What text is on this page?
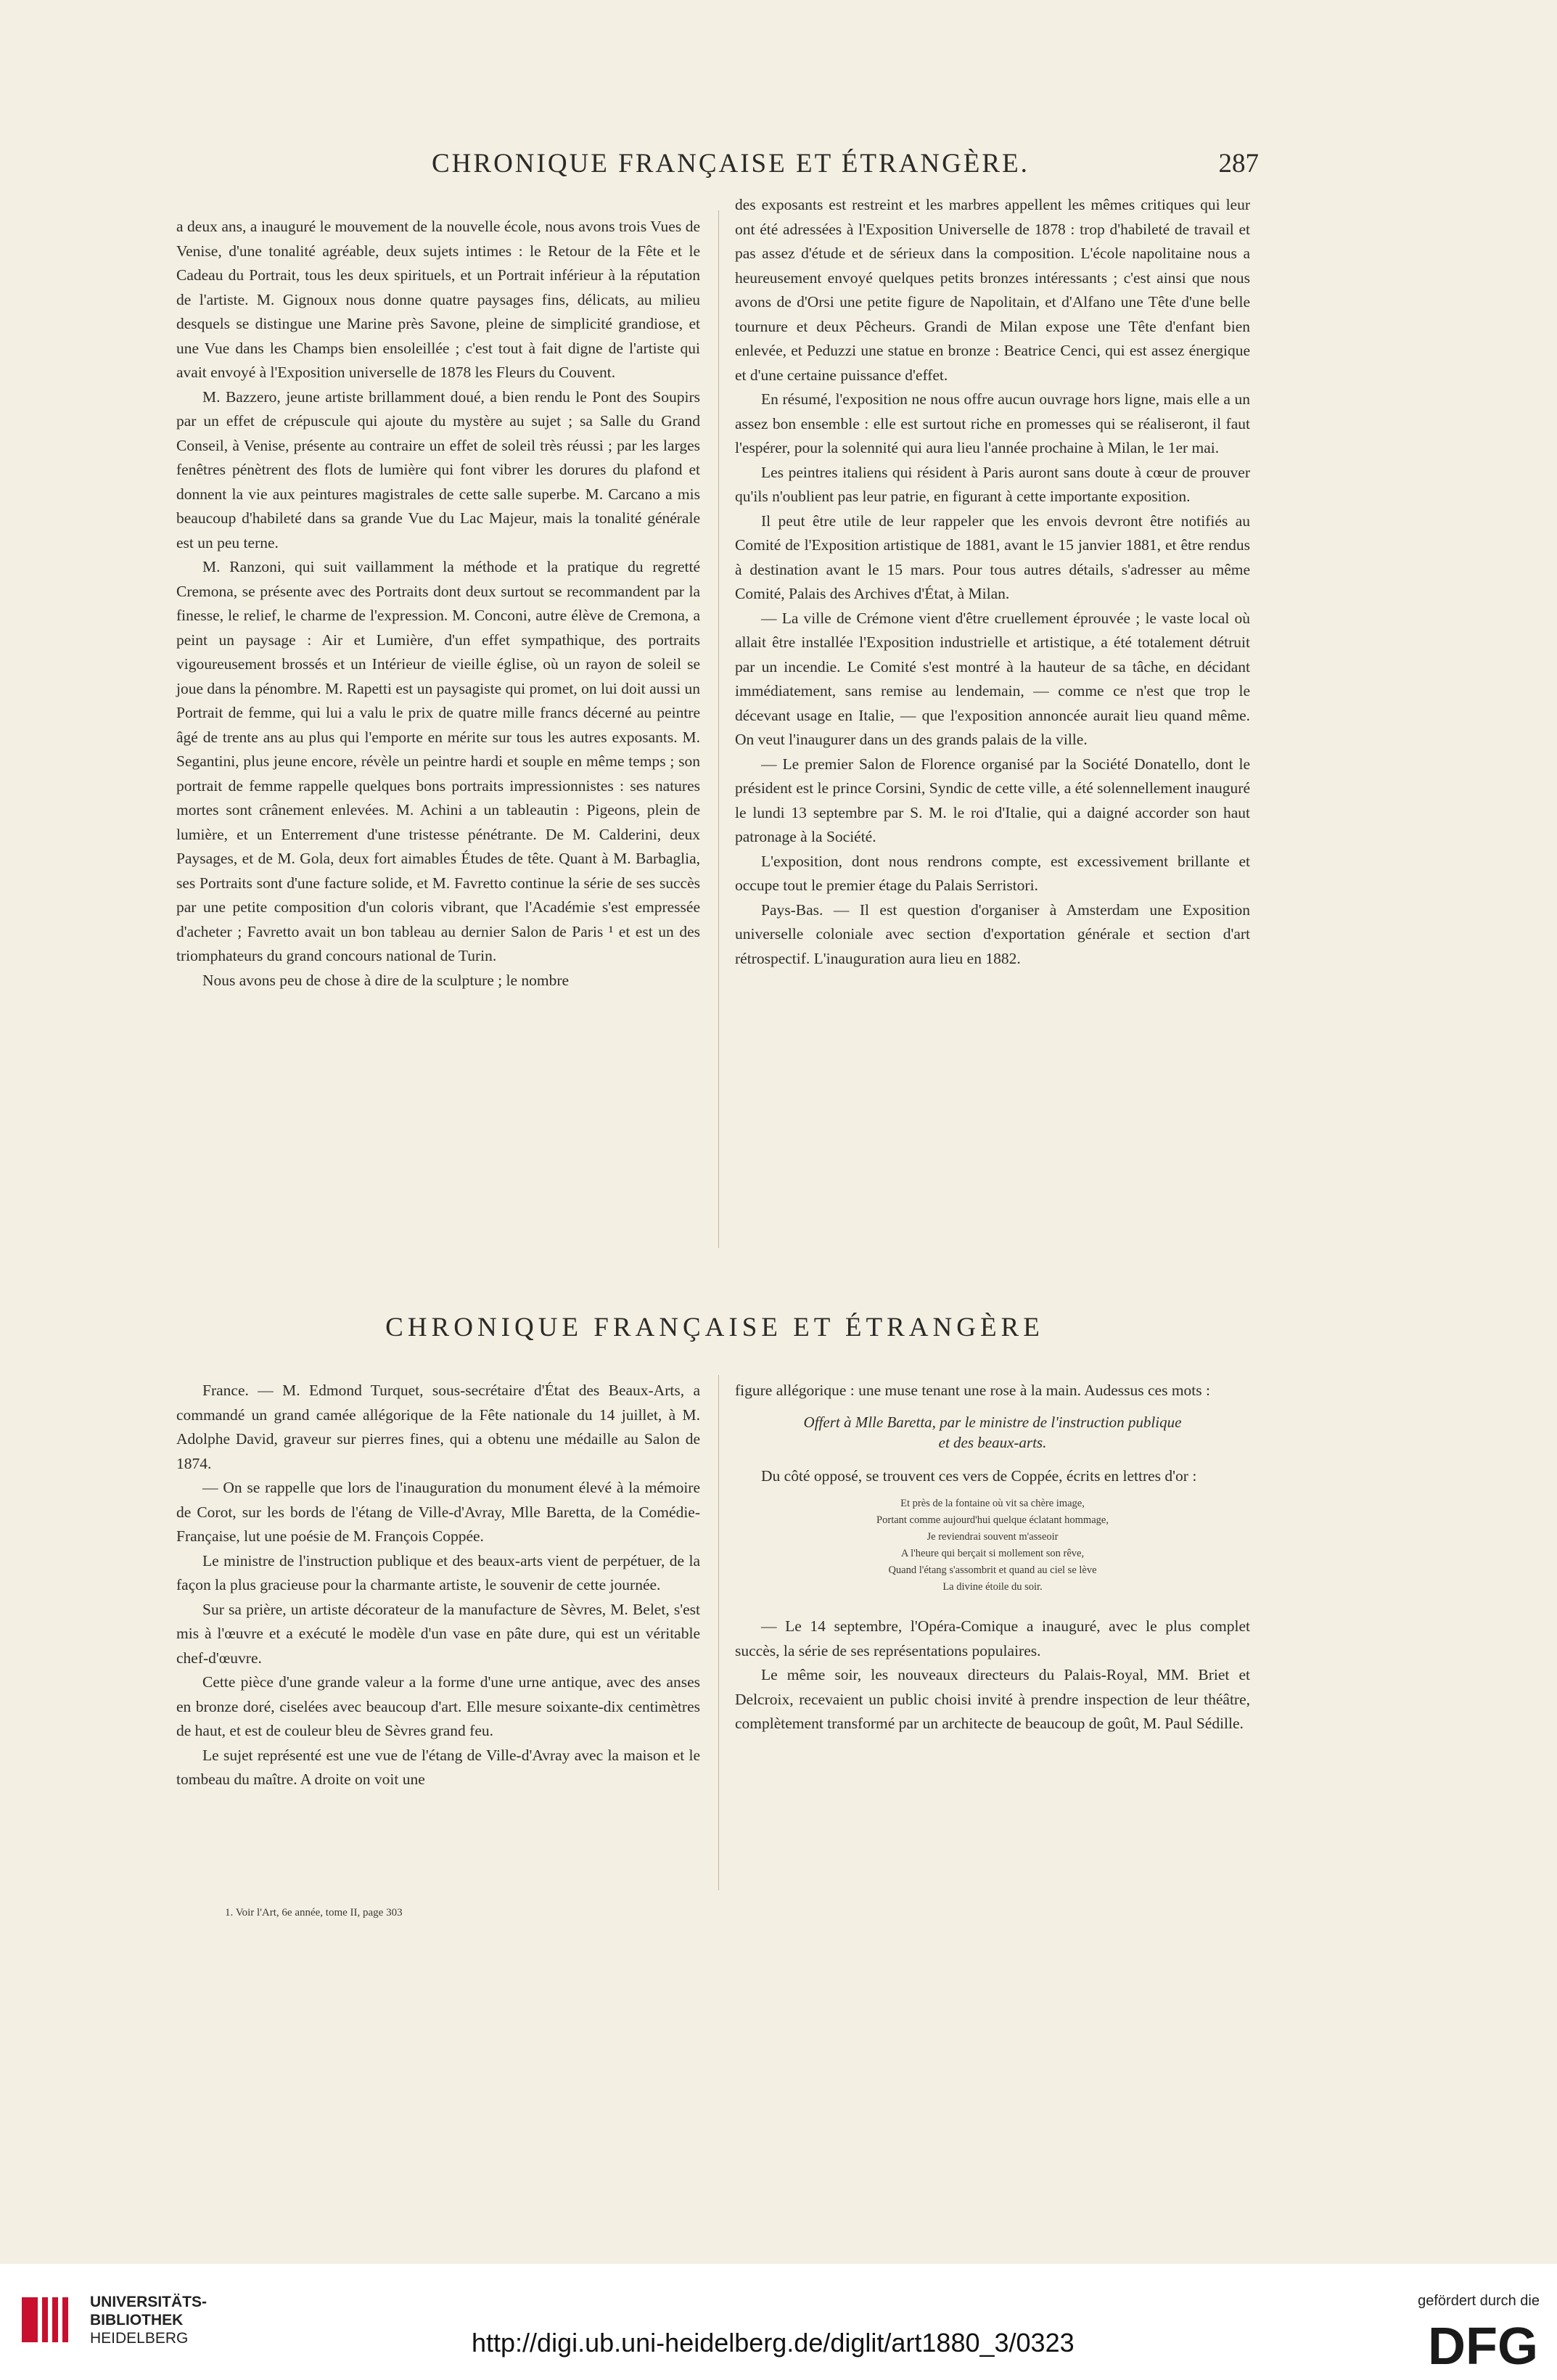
CHRONIQUE FRANÇAISE ET ÉTRANGÈRE.	287

a deux ans, a inauguré le mouvement de la nouvelle école, nous avons trois Vues de Venise, d'une tonalité agréable, deux sujets intimes : le Retour de la Fête et le Cadeau du Portrait, tous les deux spirituels, et un Portrait inférieur à la réputation de l'artiste. M. Gignoux nous donne quatre paysages fins, délicats, au milieu desquels se distingue une Marine près Savone, pleine de simplicité grandiose, et une Vue dans les Champs bien ensoleillée ; c'est tout à fait digne de l'artiste qui avait envoyé à l'Exposition universelle de 1878 les Fleurs du Couvent.

M. Bazzero, jeune artiste brillamment doué, a bien rendu le Pont des Soupirs par un effet de crépuscule qui ajoute du mystère au sujet ; sa Salle du Grand Conseil, à Venise, présente au contraire un effet de soleil très réussi ; par les larges fenêtres pénètrent des flots de lumière qui font vibrer les dorures du plafond et donnent la vie aux peintures magistrales de cette salle superbe. M. Carcano a mis beaucoup d'habileté dans sa grande Vue du Lac Majeur, mais la tonalité générale est un peu terne.

M. Ranzoni, qui suit vaillamment la méthode et la pratique du regretté Cremona, se présente avec des Portraits dont deux surtout se recommandent par la finesse, le relief, le charme de l'expression. M. Conconi, autre élève de Cremona, a peint un paysage : Air et Lumière, d'un effet sympathique, des portraits vigoureusement brossés et un Intérieur de vieille église, où un rayon de soleil se joue dans la pénombre. M. Rapetti est un paysagiste qui promet, on lui doit aussi un Portrait de femme, qui lui a valu le prix de quatre mille francs décerné au peintre âgé de trente ans au plus qui l'emporte en mérite sur tous les autres exposants. M. Segantini, plus jeune encore, révèle un peintre hardi et souple en même temps ; son portrait de femme rappelle quelques bons portraits impressionnistes : ses natures mortes sont crânement enlevées. M. Achini a un tableautin : Pigeons, plein de lumière, et un Enterrement d'une tristesse pénétrante. De M. Calderini, deux Paysages, et de M. Gola, deux fort aimables Études de tête. Quant à M. Barbaglia, ses Portraits sont d'une facture solide, et M. Favretto continue la série de ses succès par une petite composition d'un coloris vibrant, que l'Académie s'est empressée d'acheter ; Favretto avait un bon tableau au dernier Salon de Paris ¹ et est un des triomphateurs du grand concours national de Turin.

Nous avons peu de chose à dire de la sculpture ; le nombre

des exposants est restreint et les marbres appellent les mêmes critiques qui leur ont été adressées à l'Exposition Universelle de 1878 : trop d'habileté de travail et pas assez d'étude et de sérieux dans la composition. L'école napolitaine nous a heureusement envoyé quelques petits bronzes intéressants ; c'est ainsi que nous avons de d'Orsi une petite figure de Napolitain, et d'Alfano une Tête d'une belle tournure et deux Pêcheurs. Grandi de Milan expose une Tête d'enfant bien enlevée, et Peduzzi une statue en bronze : Beatrice Cenci, qui est assez énergique et d'une certaine puissance d'effet.

En résumé, l'exposition ne nous offre aucun ouvrage hors ligne, mais elle a un assez bon ensemble : elle est surtout riche en promesses qui se réaliseront, il faut l'espérer, pour la solennité qui aura lieu l'année prochaine à Milan, le 1er mai.

Les peintres italiens qui résident à Paris auront sans doute à cœur de prouver qu'ils n'oublient pas leur patrie, en figurant à cette importante exposition.

Il peut être utile de leur rappeler que les envois devront être notifiés au Comité de l'Exposition artistique de 1881, avant le 15 janvier 1881, et être rendus à destination avant le 15 mars. Pour tous autres détails, s'adresser au même Comité, Palais des Archives d'État, à Milan.

— La ville de Crémone vient d'être cruellement éprouvée ; le vaste local où allait être installée l'Exposition industrielle et artistique, a été totalement détruit par un incendie. Le Comité s'est montré à la hauteur de sa tâche, en décidant immédiatement, sans remise au lendemain, — comme ce n'est que trop le décevant usage en Italie, — que l'exposition annoncée aurait lieu quand même. On veut l'inaugurer dans un des grands palais de la ville.

— Le premier Salon de Florence organisé par la Société Donatello, dont le président est le prince Corsini, Syndic de cette ville, a été solennellement inauguré le lundi 13 septembre par S. M. le roi d'Italie, qui a daigné accorder son haut patronage à la Société.

L'exposition, dont nous rendrons compte, est excessivement brillante et occupe tout le premier étage du Palais Serristori.

Pays-Bas. — Il est question d'organiser à Amsterdam une Exposition universelle coloniale avec section d'exportation générale et section d'art rétrospectif. L'inauguration aura lieu en 1882.

CHRONIQUE FRANÇAISE ET ÉTRANGÈRE

France. — M. Edmond Turquet, sous-secrétaire d'État des Beaux-Arts, a commandé un grand camée allégorique de la Fête nationale du 14 juillet, à M. Adolphe David, graveur sur pierres fines, qui a obtenu une médaille au Salon de 1874.

— On se rappelle que lors de l'inauguration du monument élevé à la mémoire de Corot, sur les bords de l'étang de Ville-d'Avray, Mlle Baretta, de la Comédie-Française, lut une poésie de M. François Coppée.

Le ministre de l'instruction publique et des beaux-arts vient de perpétuer, de la façon la plus gracieuse pour la charmante artiste, le souvenir de cette journée.

Sur sa prière, un artiste décorateur de la manufacture de Sèvres, M. Belet, s'est mis à l'œuvre et a exécuté le modèle d'un vase en pâte dure, qui est un véritable chef-d'œuvre.

Cette pièce d'une grande valeur a la forme d'une urne antique, avec des anses en bronze doré, ciselées avec beaucoup d'art. Elle mesure soixante-dix centimètres de haut, et est de couleur bleu de Sèvres grand feu.

Le sujet représenté est une vue de l'étang de Ville-d'Avray avec la maison et le tombeau du maître. A droite on voit une

figure allégorique : une muse tenant une rose à la main. Audessus ces mots :

Offert à Mlle Baretta, par le ministre de l'instruction publique
et des beaux-arts.

Du côté opposé, se trouvent ces vers de Coppée, écrits en lettres d'or :

Et près de la fontaine où vit sa chère image,
Portant comme aujourd'hui quelque éclatant hommage,
Je reviendrai souvent m'asseoir
A l'heure qui berçait si mollement son rêve,
Quand l'étang s'assombrit et quand au ciel se lève
La divine étoile du soir.

— Le 14 septembre, l'Opéra-Comique a inauguré, avec le plus complet succès, la série de ses représentations populaires.

Le même soir, les nouveaux directeurs du Palais-Royal, MM. Briet et Delcroix, recevaient un public choisi invité à prendre inspection de leur théâtre, complètement transformé par un architecte de beaucoup de goût, M. Paul Sédille.

1. Voir l'Art, 6e année, tome II, page 303
UNIVERSITÄTS-
BIBLIOTHEK
HEIDELBERG	http://digi.ub.uni-heidelberg.de/diglit/art1880_3/0323
gefördert durch die
DFG
